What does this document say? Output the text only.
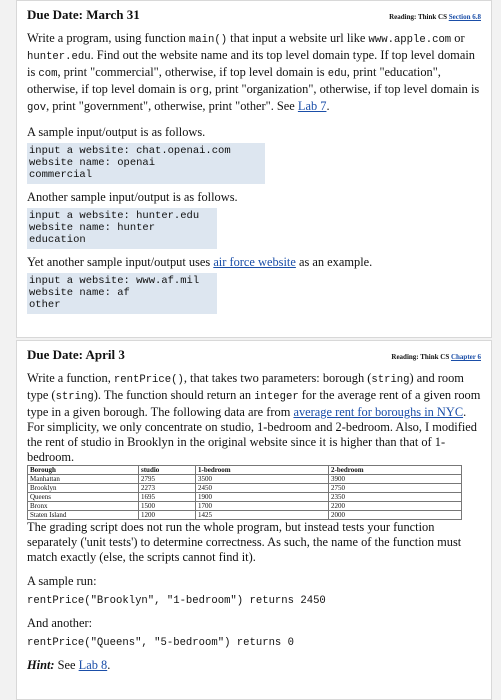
Due Date: March 31	Reading: Think CS Section 6.8

Write a program, using function main() that input a website url like www.apple.com or hunter.edu. Find out the website name and its top level domain type. If top level domain is com, print "commercial", otherwise, if top level domain is edu, print "education", otherwise, if top level domain is org, print "organization", otherwise, if top level domain is gov, print "government", otherwise, print "other". See Lab 7.

A sample input/output is as follows.

input a website: chat.openai.com
website name: openai
commercial

Another sample input/output is as follows.

input a website: hunter.edu
website name: hunter
education

Yet another sample input/output uses air force website as an example.

input a website: www.af.mil
website name: af
other
Due Date: April 3	Reading: Think CS Chapter 6

Write a function, rentPrice(), that takes two parameters: borough (string) and room type (string). The function should return an integer for the average rent of a given room type in a given borough. The following data are from average rent for boroughs in NYC. For simplicity, we only concentrate on studio, 1-bedroom and 2-bedroom. Also, I modified the rent of studio in Brooklyn in the original website since it is higher than that of 1-bedroom.

Borough	studio	1-bedroom	2-bedroom
Manhattan	2795	3500	3900
Brooklyn	2273	2450	2750
Queens	1695	1900	2350
Bronx	1500	1700	2200
Staten Island	1200	1425	2000

The grading script does not run the whole program, but instead tests your function separately ('unit tests') to determine correctness. As such, the name of the function must match exactly (else, the scripts cannot find it).

A sample run:

rentPrice("Brooklyn", "1-bedroom") returns 2450

And another:

rentPrice("Queens", "5-bedroom") returns 0

Hint: See Lab 8.
